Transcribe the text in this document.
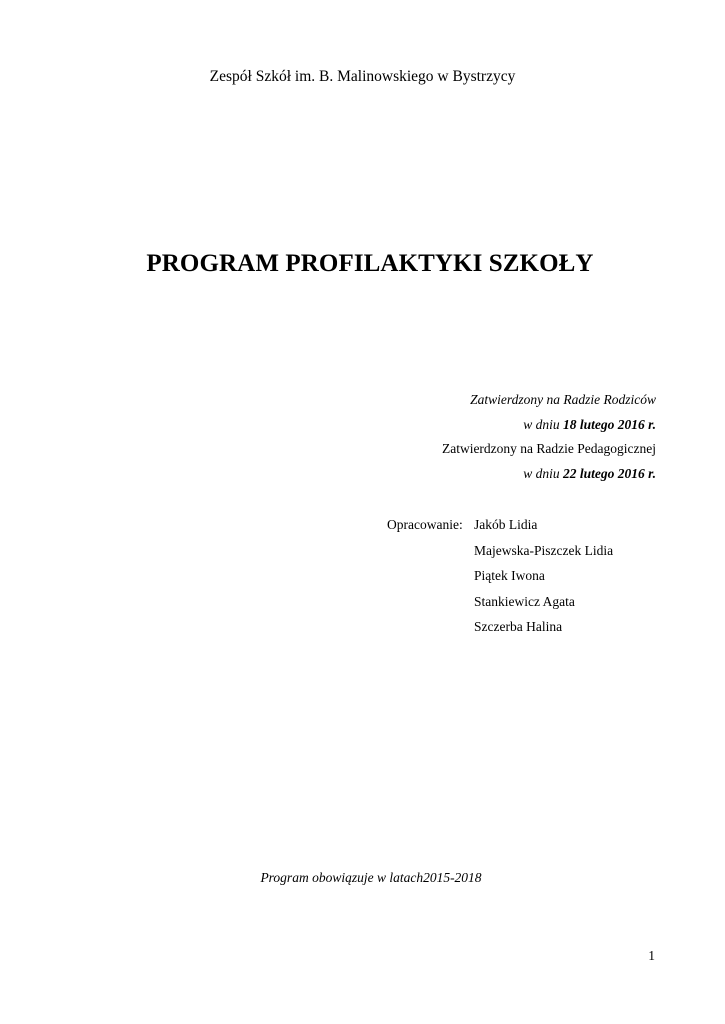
Zespół Szkół im. B. Malinowskiego w Bystrzycy
PROGRAM PROFILAKTYKI SZKOŁY
Zatwierdzony na Radzie Rodziców
w dniu 18 lutego 2016 r.
Zatwierdzony na Radzie Pedagogicznej
w dniu 22 lutego 2016 r.
Opracowanie: Jakób Lidia
Majewska-Piszczek Lidia
Piątek Iwona
Stankiewicz Agata
Szczerba Halina
Program obowiązuje w latach2015-2018
1
